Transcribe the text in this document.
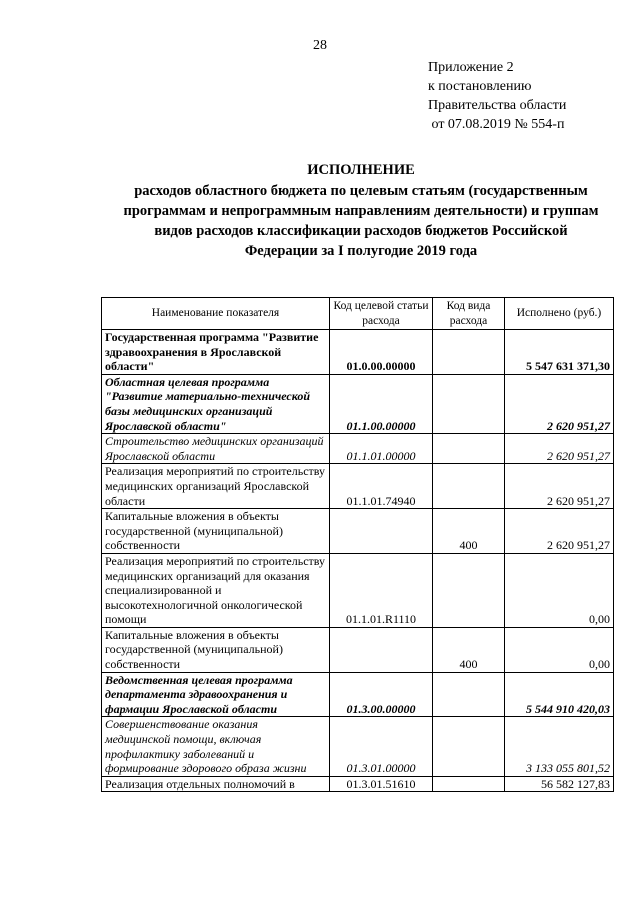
28
Приложение 2
к постановлению
Правительства области
от 07.08.2019 № 554-п
ИСПОЛНЕНИЕ
расходов областного бюджета по целевым статьям (государственным
программам и непрограммным направлениям деятельности) и группам
видов расходов классификации расходов бюджетов Российской
Федерации за I полугодие 2019 года
Наименование показателя	Код целевой статьи расхода	Код вида расхода	Исполнено (руб.)
Государственная программа "Развитие здравоохранения в Ярославской области"	01.0.00.00000		5 547 631 371,30
Областная целевая программа "Развитие материально-технической базы медицинских организаций Ярославской области"	01.1.00.00000		2 620 951,27
Строительство медицинских организаций Ярославской области	01.1.01.00000		2 620 951,27
Реализация мероприятий по строительству медицинских организаций Ярославской области	01.1.01.74940		2 620 951,27
Капитальные вложения в объекты государственной (муниципальной) собственности		400	2 620 951,27
Реализация мероприятий по строительству медицинских организаций для оказания специализированной и высокотехнологичной онкологической помощи	01.1.01.R1110		0,00
Капитальные вложения в объекты государственной (муниципальной) собственности		400	0,00
Ведомственная целевая программа департамента здравоохранения и фармации Ярославской области	01.3.00.00000		5 544 910 420,03
Совершенствование оказания медицинской помощи, включая профилактику заболеваний и формирование здорового образа жизни	01.3.01.00000		3 133 055 801,52
Реализация отдельных полномочий в	01.3.01.51610		56 582 127,83
